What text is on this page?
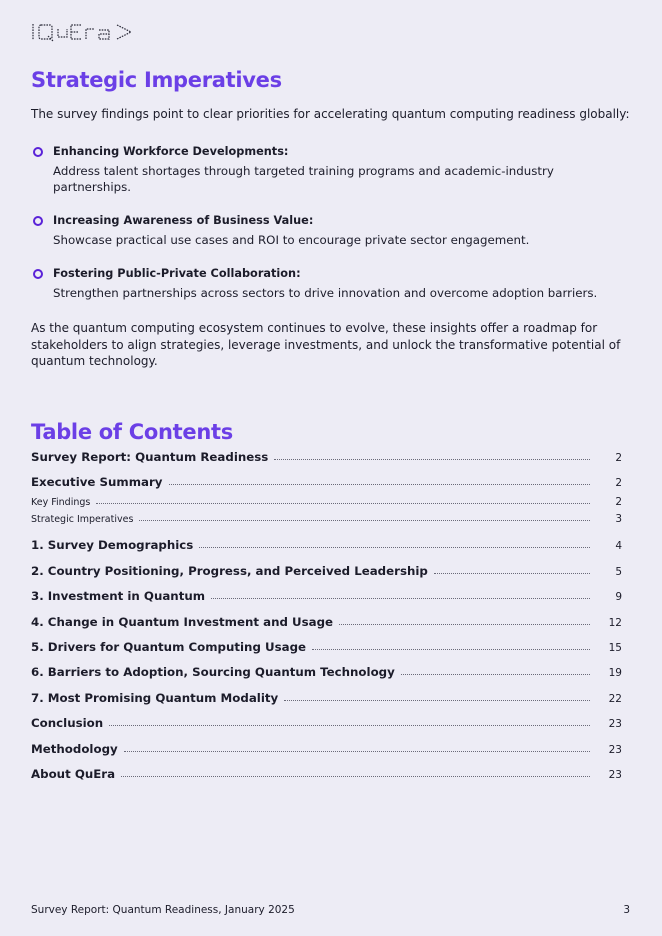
Strategic Imperatives
The survey findings point to clear priorities for accelerating quantum computing readiness globally:
Enhancing Workforce Developments:
Address talent shortages through targeted training programs and academic-industry partnerships.
Increasing Awareness of Business Value:
Showcase practical use cases and ROI to encourage private sector engagement.
Fostering Public-Private Collaboration:
Strengthen partnerships across sectors to drive innovation and overcome adoption barriers.
As the quantum computing ecosystem continues to evolve, these insights offer a roadmap for stakeholders to align strategies, leverage investments, and unlock the transformative potential of quantum technology.
Table of Contents
Survey Report: Quantum Readiness	2
Executive Summary	2
Key Findings	2
Strategic Imperatives	3
1. Survey Demographics	4
2. Country Positioning, Progress, and Perceived Leadership	5
3. Investment in Quantum	9
4. Change in Quantum Investment and Usage	12
5. Drivers for Quantum Computing Usage	15
6. Barriers to Adoption, Sourcing Quantum Technology	19
7. Most Promising Quantum Modality	22
Conclusion	23
Methodology	23
About QuEra	23
Survey Report: Quantum Readiness, January 2025	3
